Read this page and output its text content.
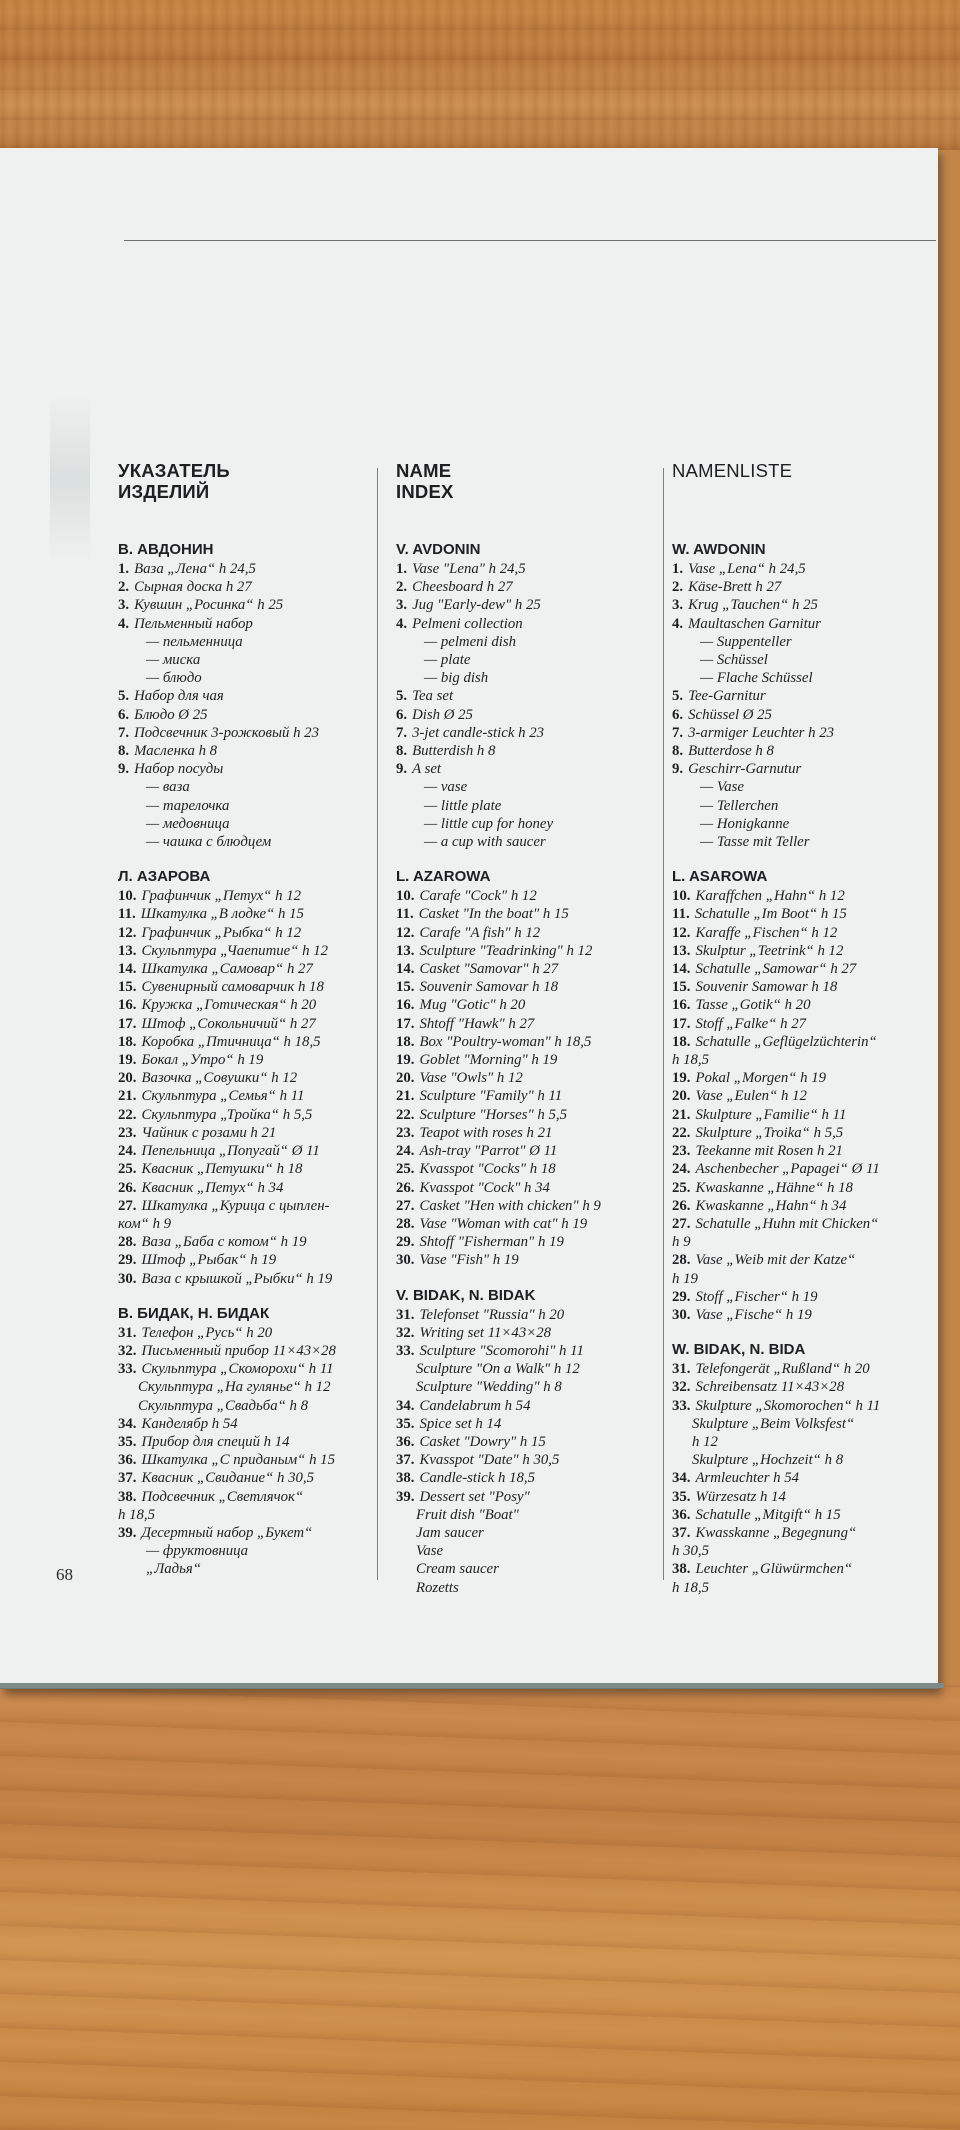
УКАЗАТЕЛЬ
ИЗДЕЛИЙ
В. АВДОНИН
1. Ваза „Лена“ h 24,5
2. Сырная доска h 27
3. Кувшин „Росинка“ h 25
4. Пельменный набор
— пельменница
— миска
— блюдо
5. Набор для чая
6. Блюдо Ø 25
7. Подсвечник 3-рожковый h 23
8. Масленка h 8
9. Набор посуды
— ваза
— тарелочка
— медовница
— чашка с блюдцем
Л. АЗАРОВА
10. Графинчик „Петух“ h 12
11. Шкатулка „В лодке“ h 15
12. Графинчик „Рыбка“ h 12
13. Скульптура „Чаепитие“ h 12
14. Шкатулка „Самовар“ h 27
15. Сувенирный самоварчик h 18
16. Кружка „Готическая“ h 20
17. Штоф „Сокольничий“ h 27
18. Коробка „Птичница“ h 18,5
19. Бокал „Утро“ h 19
20. Вазочка „Совушки“ h 12
21. Скульптура „Семья“ h 11
22. Скульптура „Тройка“ h 5,5
23. Чайник с розами h 21
24. Пепельница „Попугай“ Ø 11
25. Квасник „Петушки“ h 18
26. Квасник „Петух“ h 34
27. Шкатулка „Курица с цыплен-
ком“ h 9
28. Ваза „Баба с котом“ h 19
29. Штоф „Рыбак“ h 19
30. Ваза с крышкой „Рыбки“ h 19
В. БИДАК, Н. БИДАК
31. Телефон „Русь“ h 20
32. Письменный прибор 11×43×28
33. Скульптура „Скоморохи“ h 11
Скульптура „На гулянье“ h 12
Скульптура „Свадьба“ h 8
34. Канделябр h 54
35. Прибор для специй h 14
36. Шкатулка „С приданым“ h 15
37. Квасник „Свидание“ h 30,5
38. Подсвечник „Светлячок“
h 18,5
39. Десертный набор „Букет“
— фруктовница
„Ладья“
NAME
INDEX
V. AVDONIN
1. Vase "Lena" h 24,5
2. Cheesboard h 27
3. Jug "Early-dew" h 25
4. Pelmeni collection
— pelmeni dish
— plate
— big dish
5. Tea set
6. Dish Ø 25
7. 3-jet candle-stick h 23
8. Butterdish h 8
9. A set
— vase
— little plate
— little cup for honey
— a cup with saucer
L. AZAROWA
10. Carafe "Cock" h 12
11. Casket "In the boat" h 15
12. Carafe "A fish" h 12
13. Sculpture "Teadrinking" h 12
14. Casket "Samovar" h 27
15. Souvenir Samovar h 18
16. Mug "Gotic" h 20
17. Shtoff "Hawk" h 27
18. Box "Poultry-woman" h 18,5
19. Goblet "Morning" h 19
20. Vase "Owls" h 12
21. Sculpture "Family" h 11
22. Sculpture "Horses" h 5,5
23. Teapot with roses h 21
24. Ash-tray "Parrot" Ø 11
25. Kvasspot "Cocks" h 18
26. Kvasspot "Cock" h 34
27. Casket "Hen with chicken" h 9
28. Vase "Woman with cat" h 19
29. Shtoff "Fisherman" h 19
30. Vase "Fish" h 19
V. BIDAK, N. BIDAK
31. Telefonset "Russia" h 20
32. Writing set 11×43×28
33. Sculpture "Scomorohi" h 11
Sculpture "On a Walk" h 12
Sculpture "Wedding" h 8
34. Candelabrum h 54
35. Spice set h 14
36. Casket "Dowry" h 15
37. Kvasspot "Date" h 30,5
38. Candle-stick h 18,5
39. Dessert set "Posy"
Fruit dish "Boat"
Jam saucer
Vase
Cream saucer
Rozetts
NAMENLISTE
W. AWDONIN
1. Vase „Lena“ h 24,5
2. Käse-Brett h 27
3. Krug „Tauchen“ h 25
4. Maultaschen Garnitur
— Suppenteller
— Schüssel
— Flache Schüssel
5. Tee-Garnitur
6. Schüssel Ø 25
7. 3-armiger Leuchter h 23
8. Butterdose h 8
9. Geschirr-Garnutur
— Vase
— Tellerchen
— Honigkanne
— Tasse mit Teller
L. ASAROWA
10. Karaffchen „Hahn“ h 12
11. Schatulle „Im Boot“ h 15
12. Karaffe „Fischen“ h 12
13. Skulptur „Teetrink“ h 12
14. Schatulle „Samowar“ h 27
15. Souvenir Samowar h 18
16. Tasse „Gotik“ h 20
17. Stoff „Falke“ h 27
18. Schatulle „Geflügelzüchterin“
h 18,5
19. Pokal „Morgen“ h 19
20. Vase „Eulen“ h 12
21. Skulpture „Familie“ h 11
22. Skulpture „Troika“ h 5,5
23. Teekanne mit Rosen h 21
24. Aschenbecher „Papagei“ Ø 11
25. Kwaskanne „Hähne“ h 18
26. Kwaskanne „Hahn“ h 34
27. Schatulle „Huhn mit Chicken“
h 9
28. Vase „Weib mit der Katze“
h 19
29. Stoff „Fischer“ h 19
30. Vase „Fische“ h 19
W. BIDAK, N. BIDA
31. Telefongerät „Rußland“ h 20
32. Schreibensatz 11×43×28
33. Skulpture „Skomorochen“ h 11
Skulpture „Beim Volksfest“
h 12
Skulpture „Hochzeit“ h 8
34. Armleuchter h 54
35. Würzesatz h 14
36. Schatulle „Mitgift“ h 15
37. Kwasskanne „Begegnung“
h 30,5
38. Leuchter „Glüwürmchen“
h 18,5
68
